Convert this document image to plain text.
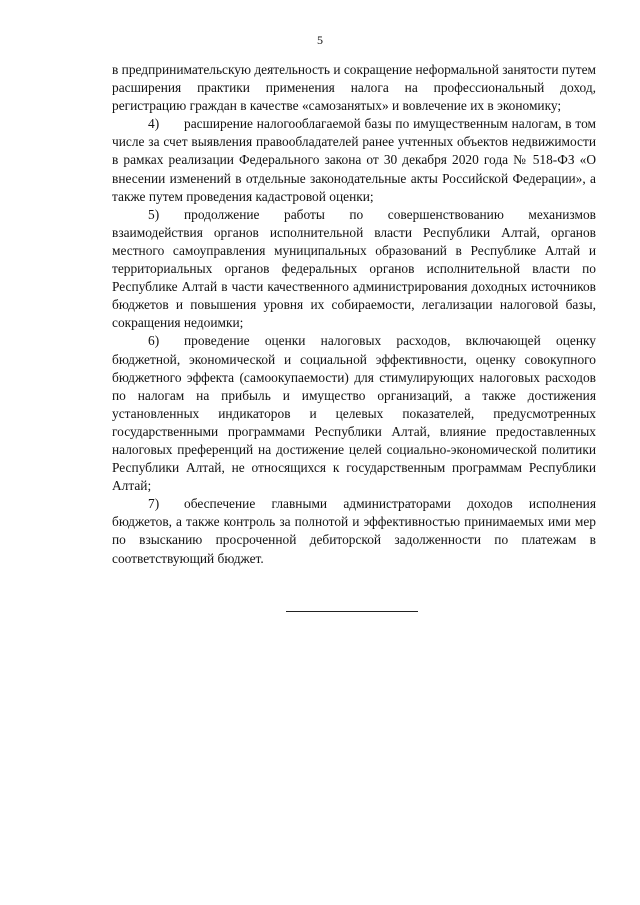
5

в предпринимательскую деятельность и сокращение неформальной занятости путем расширения практики применения налога на профессиональный доход, регистрацию граждан в качестве «самозанятых» и вовлечение их в экономику;

4) расширение налогооблагаемой базы по имущественным налогам, в том числе за счет выявления правообладателей ранее учтенных объектов недвижимости в рамках реализации Федерального закона от 30 декабря 2020 года № 518-ФЗ «О внесении изменений в отдельные законодательные акты Российской Федерации», а также путем проведения кадастровой оценки;

5) продолжение работы по совершенствованию механизмов взаимодействия органов исполнительной власти Республики Алтай, органов местного самоуправления муниципальных образований в Республике Алтай и территориальных органов федеральных органов исполнительной власти по Республике Алтай в части качественного администрирования доходных источников бюджетов и повышения уровня их собираемости, легализации налоговой базы, сокращения недоимки;

6) проведение оценки налоговых расходов, включающей оценку бюджетной, экономической и социальной эффективности, оценку совокупного бюджетного эффекта (самоокупаемости) для стимулирующих налоговых расходов по налогам на прибыль и имущество организаций, а также достижения установленных индикаторов и целевых показателей, предусмотренных государственными программами Республики Алтай, влияние предоставленных налоговых преференций на достижение целей социально-экономической политики Республики Алтай, не относящихся к государственным программам Республики Алтай;

7) обеспечение главными администраторами доходов исполнения бюджетов, а также контроль за полнотой и эффективностью принимаемых ими мер по взысканию просроченной дебиторской задолженности по платежам в соответствующий бюджет.
